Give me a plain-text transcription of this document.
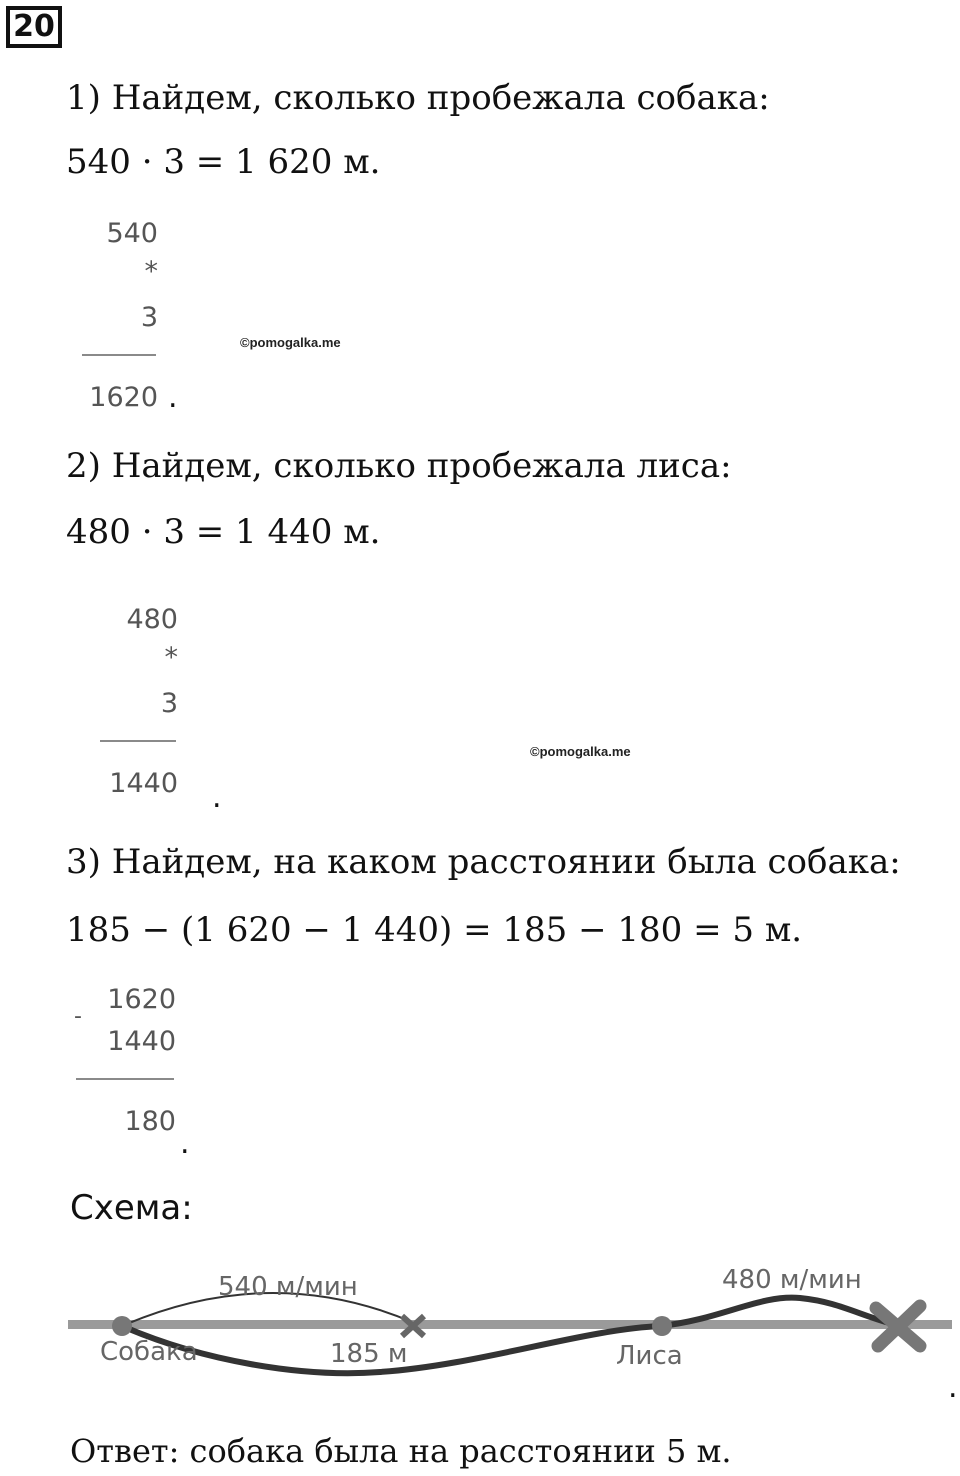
20
1) Найдем, сколько пробежала собака:
540 · 3 = 1 620 м.
540
*
3
1620 .
©pomogalka.me
2) Найдем, сколько пробежала лиса:
480 · 3 = 1 440 м.
480
*
3
1440 .
©pomogalka.me
3) Найдем, на каком расстоянии была собака:
185 − (1 620 − 1 440) = 185 − 180 = 5 м.
-
1620
1440
180
.
Схема:
540 м/мин	480 м/мин
Собака	185 м	Лиса
.
Ответ: собака была на расстоянии 5 м.
